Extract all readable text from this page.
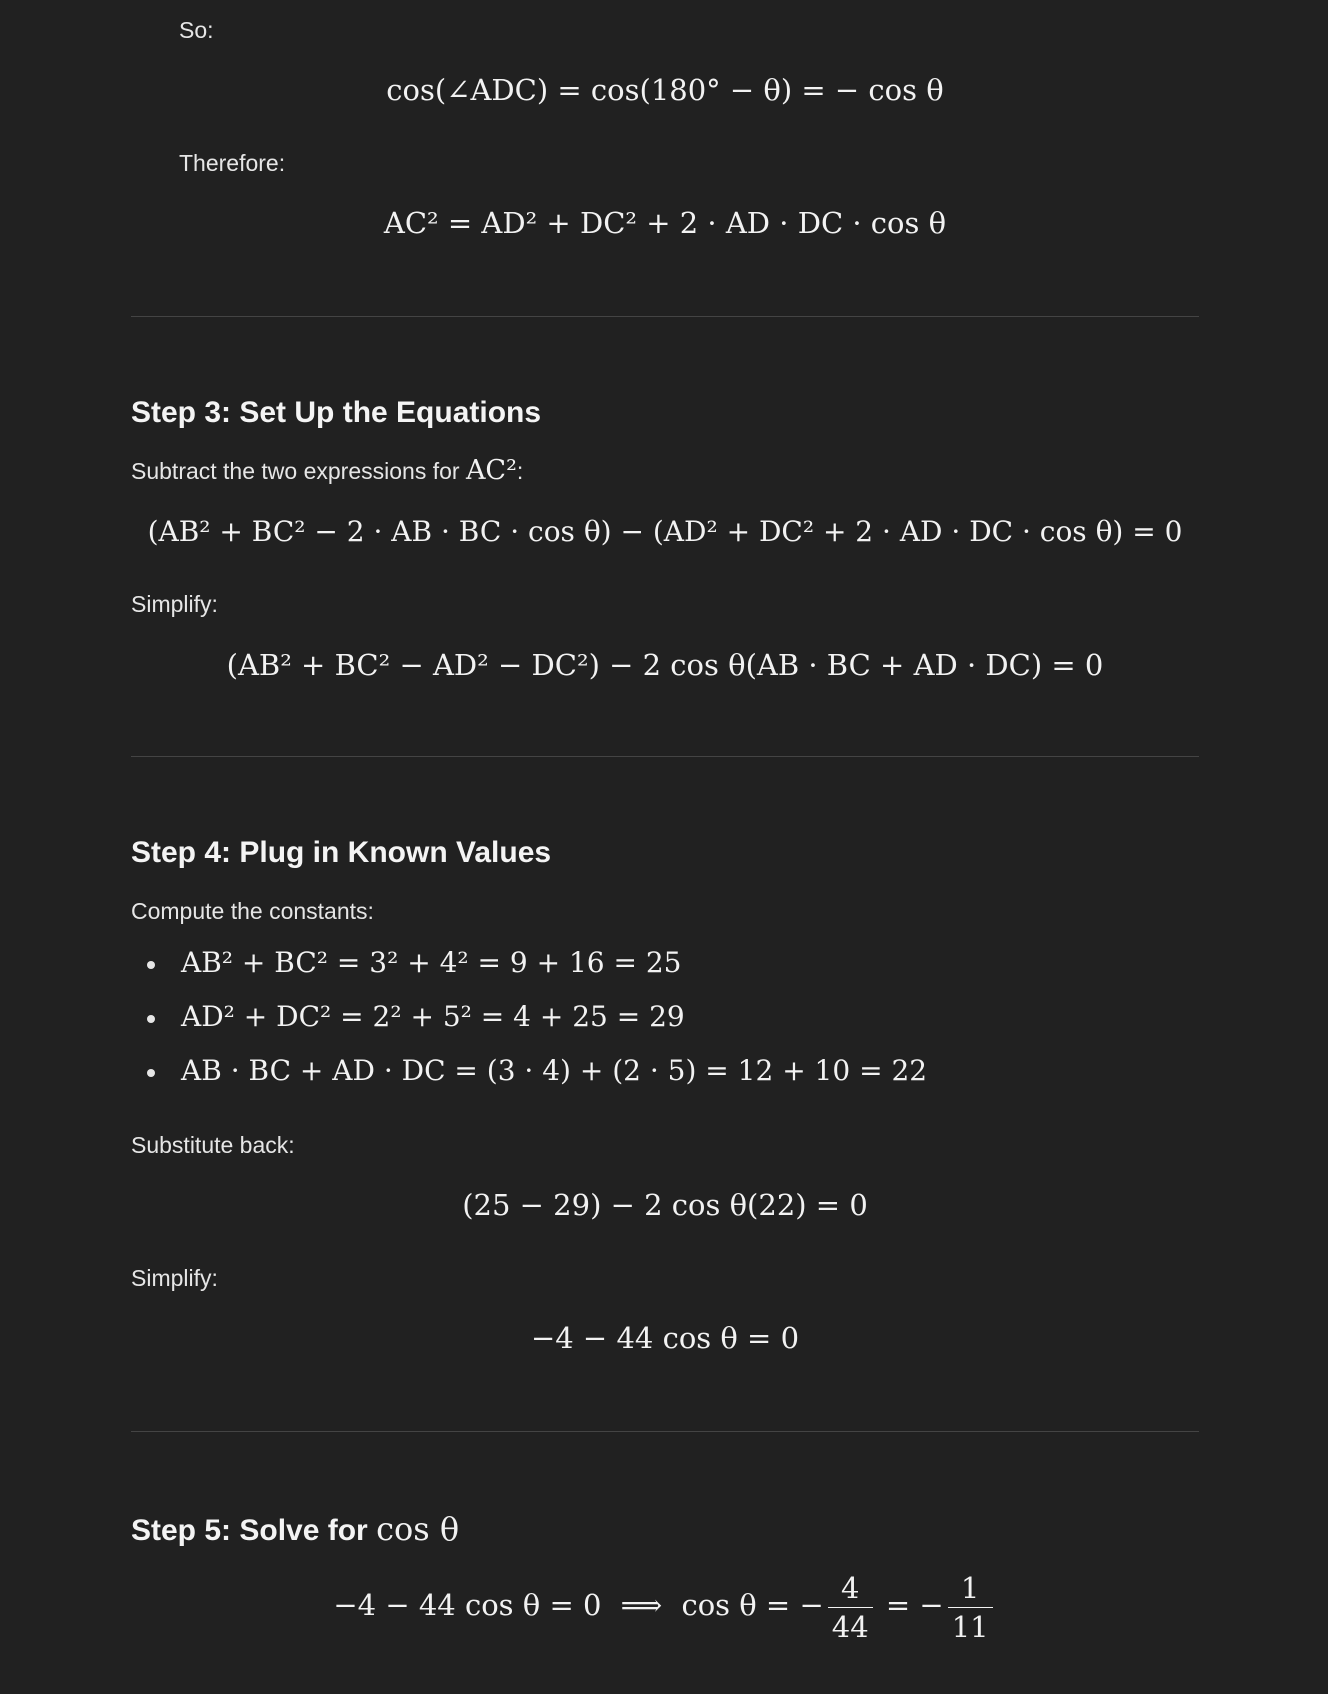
So:

cos(∠ADC) = cos(180° − θ) = − cos θ

Therefore:

AC² = AD² + DC² + 2 · AD · DC · cos θ

Step 3: Set Up the Equations

Subtract the two expressions for AC²:

(AB² + BC² − 2 · AB · BC · cos θ) − (AD² + DC² + 2 · AD · DC · cos θ) = 0

Simplify:

(AB² + BC² − AD² − DC²) − 2 cos θ(AB · BC + AD · DC) = 0

Step 4: Plug in Known Values

Compute the constants:

AB² + BC² = 3² + 4² = 9 + 16 = 25
AD² + DC² = 2² + 5² = 4 + 25 = 29
AB · BC + AD · DC = (3 · 4) + (2 · 5) = 12 + 10 = 22

Substitute back:

(25 − 29) − 2 cos θ(22) = 0

Simplify:

−4 − 44 cos θ = 0

Step 5: Solve for cos θ
−4 − 44 cos θ = 0 ⟹ cos θ = − $\frac{4}{44}$ = − $\frac{1}{11}$
